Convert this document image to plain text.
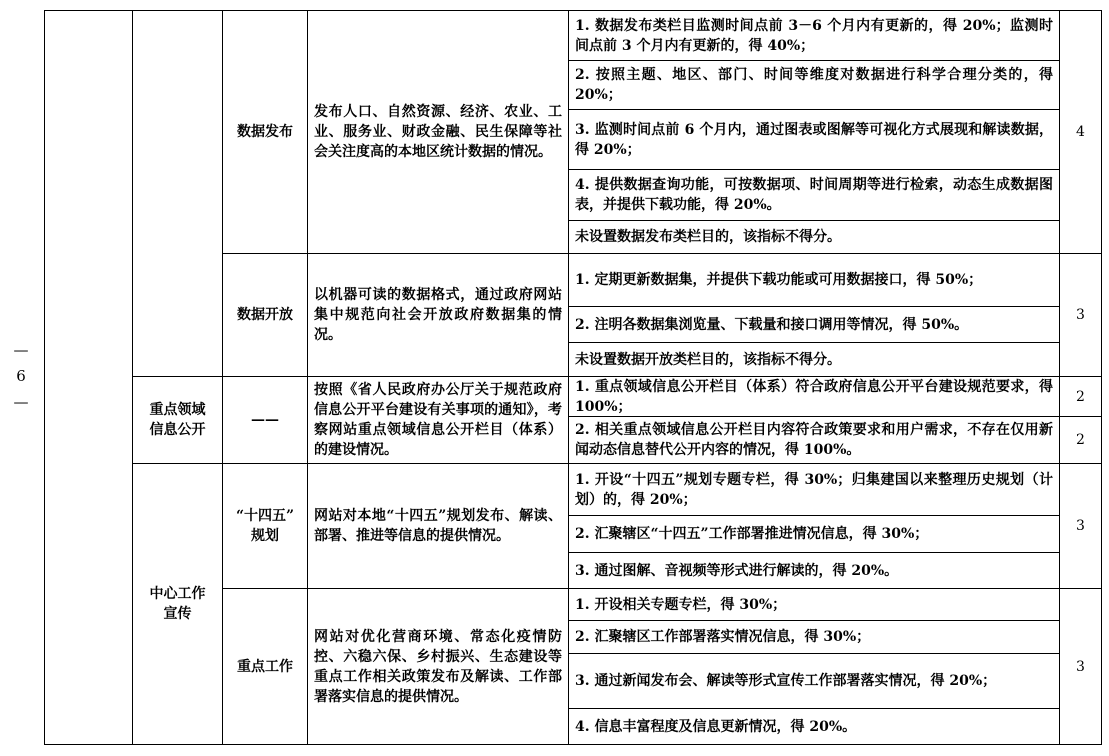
—
6
—	重点领域
信息公开
中心工作
宣传
数据发布
发布人口、自然资源、经济、农业、工业、服务业、财政金融、民生保障等社会关注度高的本地区统计数据的情况。
1. 数据发布类栏目监测时间点前 3－6 个月内有更新的，得 20%；监测时间点前 3 个月内有更新的，得 40%；
2. 按照主题、地区、部门、时间等维度对数据进行科学合理分类的，得 20%；
3. 监测时间点前 6 个月内，通过图表或图解等可视化方式展现和解读数据，得 20%；
4. 提供数据查询功能，可按数据项、时间周期等进行检索，动态生成数据图表，并提供下载功能，得 20%。
未设置数据发布类栏目的，该指标不得分。
4
数据开放
以机器可读的数据格式，通过政府网站集中规范向社会开放政府数据集的情况。
1. 定期更新数据集，并提供下载功能或可用数据接口，得 50%；
2. 注明各数据集浏览量、下载量和接口调用等情况，得 50%。
未设置数据开放类栏目的，该指标不得分。
3
——
按照《省人民政府办公厅关于规范政府信息公开平台建设有关事项的通知》，考察网站重点领域信息公开栏目（体系）的建设情况。
1. 重点领域信息公开栏目（体系）符合政府信息公开平台建设规范要求，得 100%；
2. 相关重点领域信息公开栏目内容符合政策要求和用户需求，不存在仅用新闻动态信息替代公开内容的情况，得 100%。
2
2
“十四五”
规划
网站对本地“十四五”规划发布、解读、部署、推进等信息的提供情况。
1. 开设“十四五”规划专题专栏，得 30%；归集建国以来整理历史规划（计划）的，得 20%；
2. 汇聚辖区“十四五”工作部署推进情况信息，得 30%；
3. 通过图解、音视频等形式进行解读的，得 20%。
3
重点工作
网站对优化营商环境、常态化疫情防控、六稳六保、乡村振兴、生态建设等重点工作相关政策发布及解读、工作部署落实信息的提供情况。
1. 开设相关专题专栏，得 30%；
2. 汇聚辖区工作部署落实情况信息，得 30%；
3. 通过新闻发布会、解读等形式宣传工作部署落实情况，得 20%；
4. 信息丰富程度及信息更新情况，得 20%。
3
